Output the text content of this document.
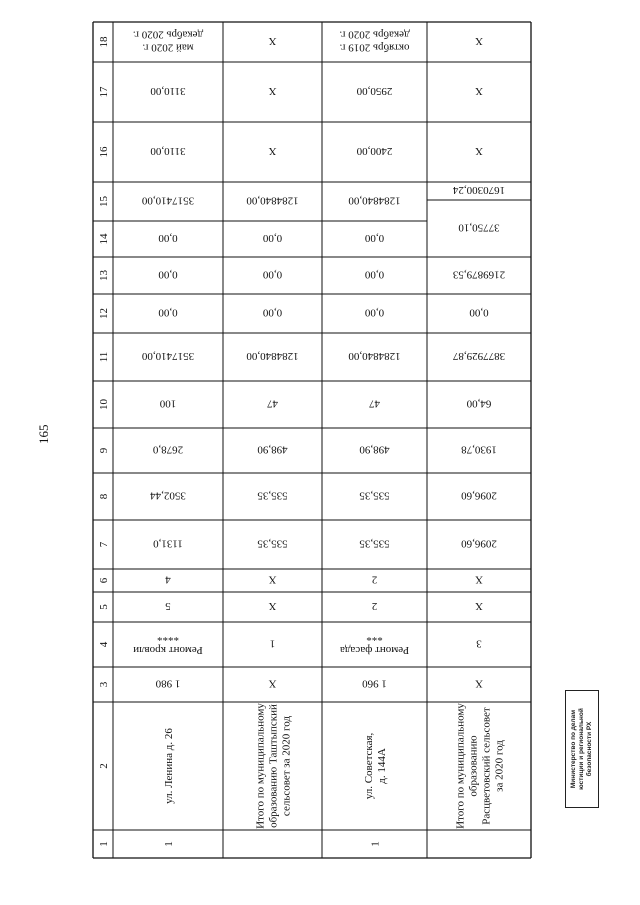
165
18
17
16
15
14
13
12
11
10
9
8
7
6
5
4
3
2
1
май 2020 г.
декабрь 2020 г.
3110,00
3110,00
3517410,00
0,00
0,00
0,00
3517410,00
100
2678,0
3502,44
1131,0
4
5
Ремонт кровли
****
1 980
ул. Ленина д. 26
1
X
X
X
1284840,00
0,00
0,00
0,00
1284840,00
47
498,90
535,35
535,35
X
X
1
X
Итого по муниципальному образованию Таштыпский сельсовет за 2020 год
октябрь 2019 г.
декабрь 2020 г.
2950,00
2400,00
1284840,00
0,00
0,00
0,00
1284840,00
47
498,90
535,35
535,35
2
2
Ремонт фасада
***
1 960
ул. Советская, д. 144А
1
X
X
X
1670300,24
37750,10
2169879,53
0,00
3877929,87
64,00
1930,78
2096,60
2096,60
X
X
3
X
Итого по муниципальному образованию Расцветовский сельсовет за 2020 год	Министерство по делам юстиции и региональной безопасности РХ
